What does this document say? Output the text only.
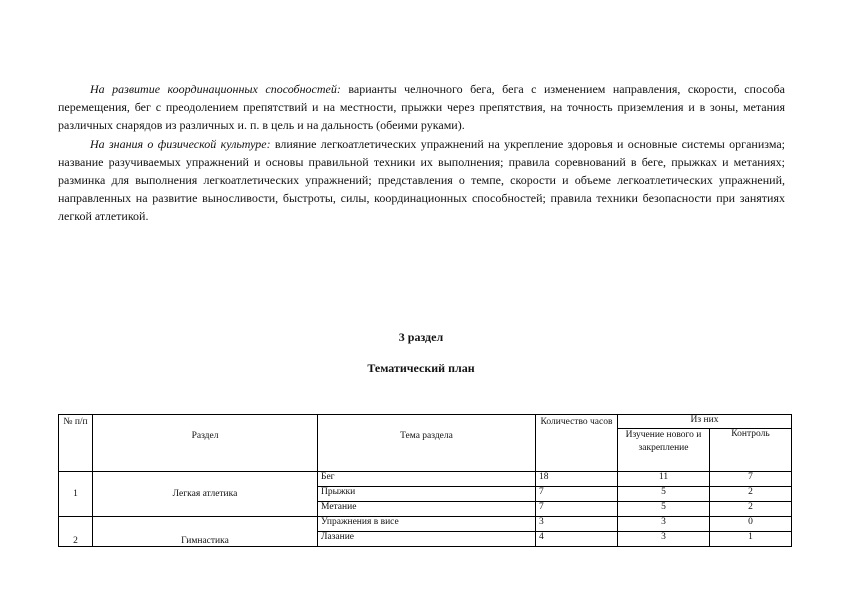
На развитие координационных способностей: варианты челночного бега, бега с изменением направления, скорости, способа перемещения, бег с преодолением препятствий и на местности, прыжки через препятствия, на точность приземления и в зоны, метания различных снарядов из различных и. п. в цель и на дальность (обеими руками).

На знания о физической культуре: влияние легкоатлетических упражнений на укрепление здоровья и основные системы организма; название разучиваемых упражнений и основы правильной техники их выполнения; правила соревнований в беге, прыжках и метаниях; разминка для выполнения легкоатлетических упражнений; представления о темпе, скорости и объеме легкоатлетических упражнений, направленных на развитие выносливости, быстроты, силы, координационных способностей; правила техники безопасности при занятиях легкой атлетикой.

3 раздел

Тематический план

№ п/п	Раздел	Тема раздела	Количество часов	Из них	
				Изучение нового и закрепление	Контроль
1	Легкая атлетика	Бег	18	11	7
		Прыжки	7	5	2
		Метание	7	5	2
2	Гимнастика	Упражнения в висе	3	3	0
		Лазание	4	3	1
